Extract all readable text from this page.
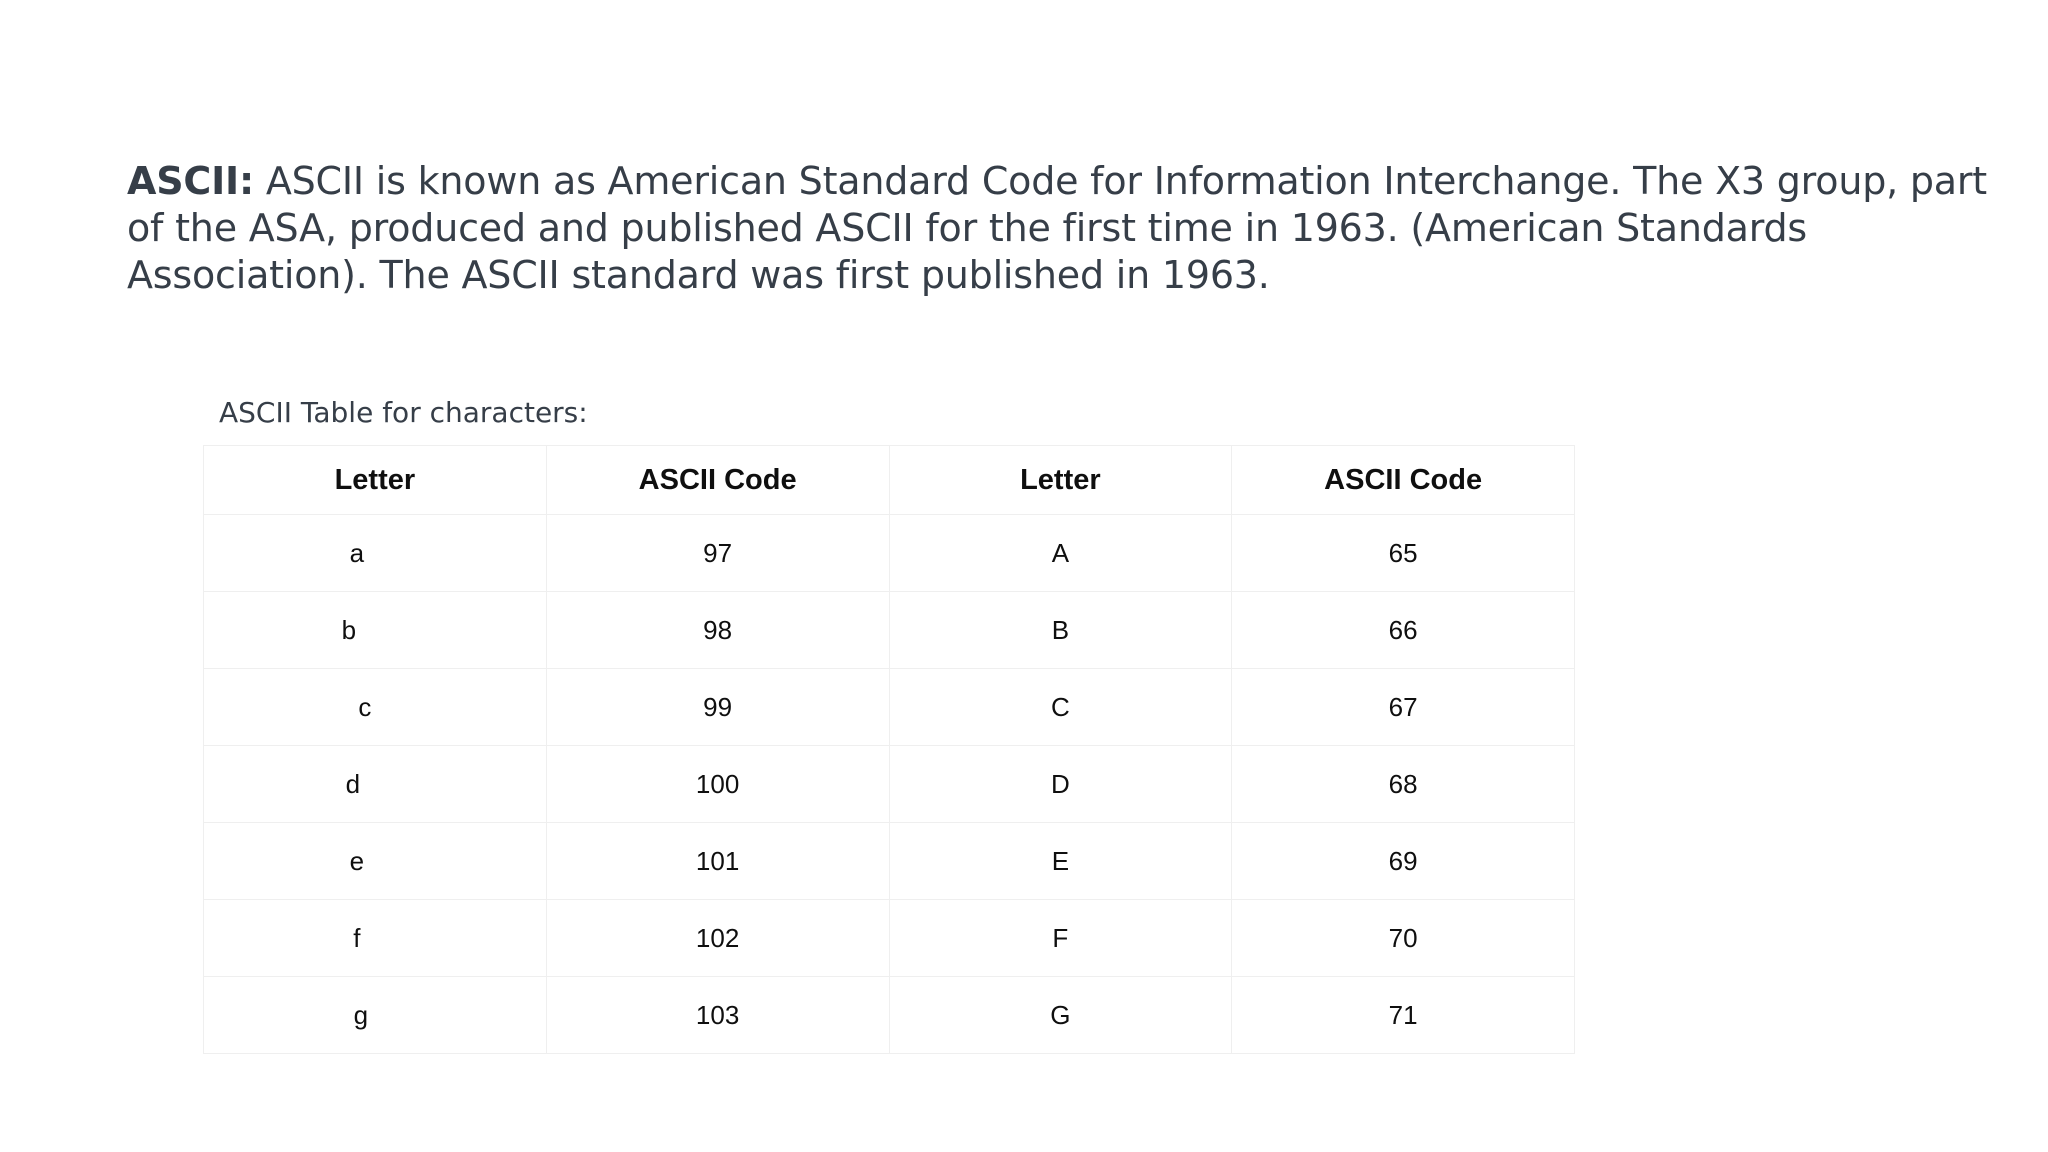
ASCII: ASCII is known as American Standard Code for Information Interchange. The X3 group, part of the ASA, produced and published ASCII for the first time in 1963. (American Standards Association). The ASCII standard was first published in 1963.

ASCII Table for characters:

Letter	ASCII Code	Letter	ASCII Code
a	97	A	65
b	98	B	66
c	99	C	67
d	100	D	68
e	101	E	69
f	102	F	70
g	103	G	71
